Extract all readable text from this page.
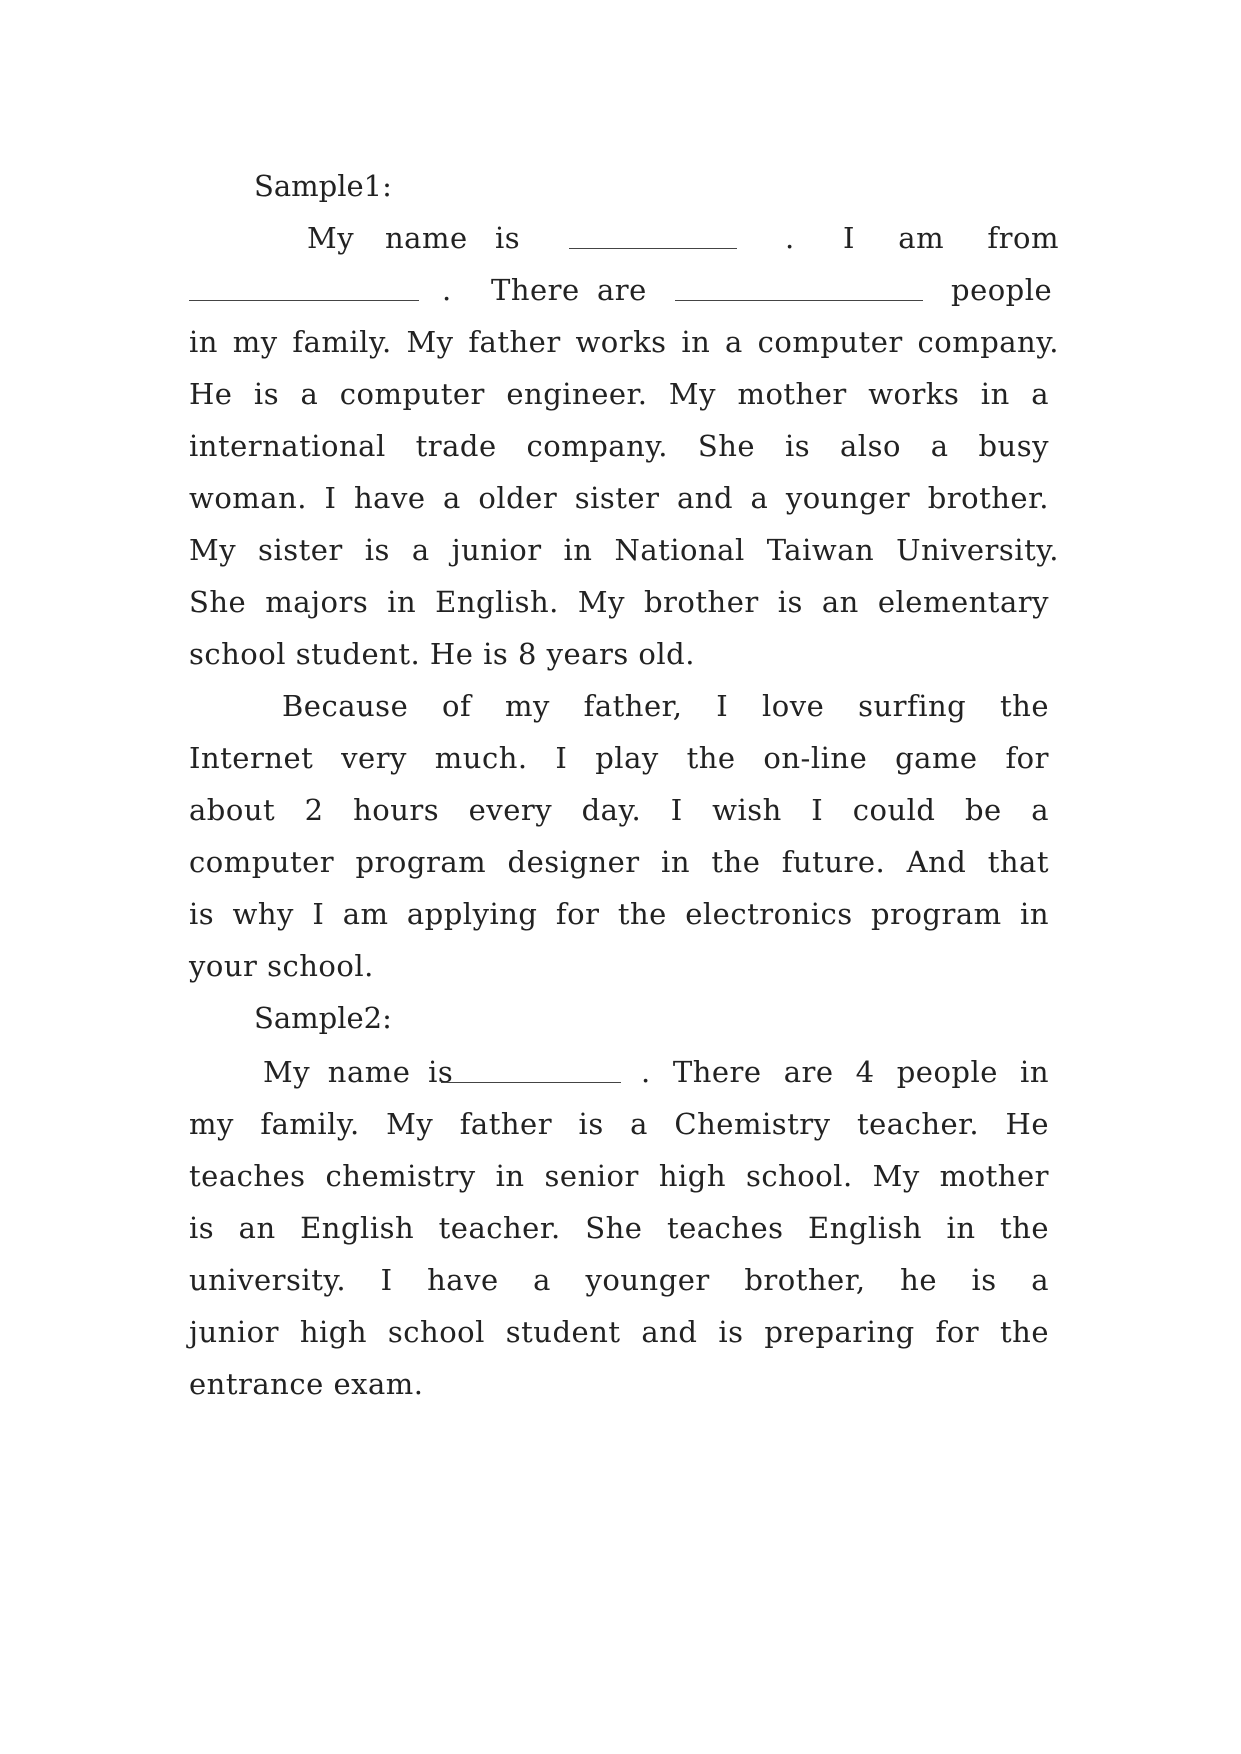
Sample1:
My name is	. I am from
. There are	people
in my family. My father works in a computer company.
He is a computer engineer. My mother works in a
international trade company. She is also a busy
woman. I have a older sister and a younger brother.
My sister is a junior in National Taiwan University.
She majors in English. My brother is an elementary
school student. He is 8 years old.
Because of my father, I love surfing the
Internet very much. I play the on-line game for
about 2 hours every day. I wish I could be a
computer program designer in the future. And that
is why I am applying for the electronics program in
your school.
Sample2:
My name is	. There are 4 people in
my family. My father is a Chemistry teacher. He
teaches chemistry in senior high school. My mother
is an English teacher. She teaches English in the
university. I have a younger brother, he is a
junior high school student and is preparing for the
entrance exam.
